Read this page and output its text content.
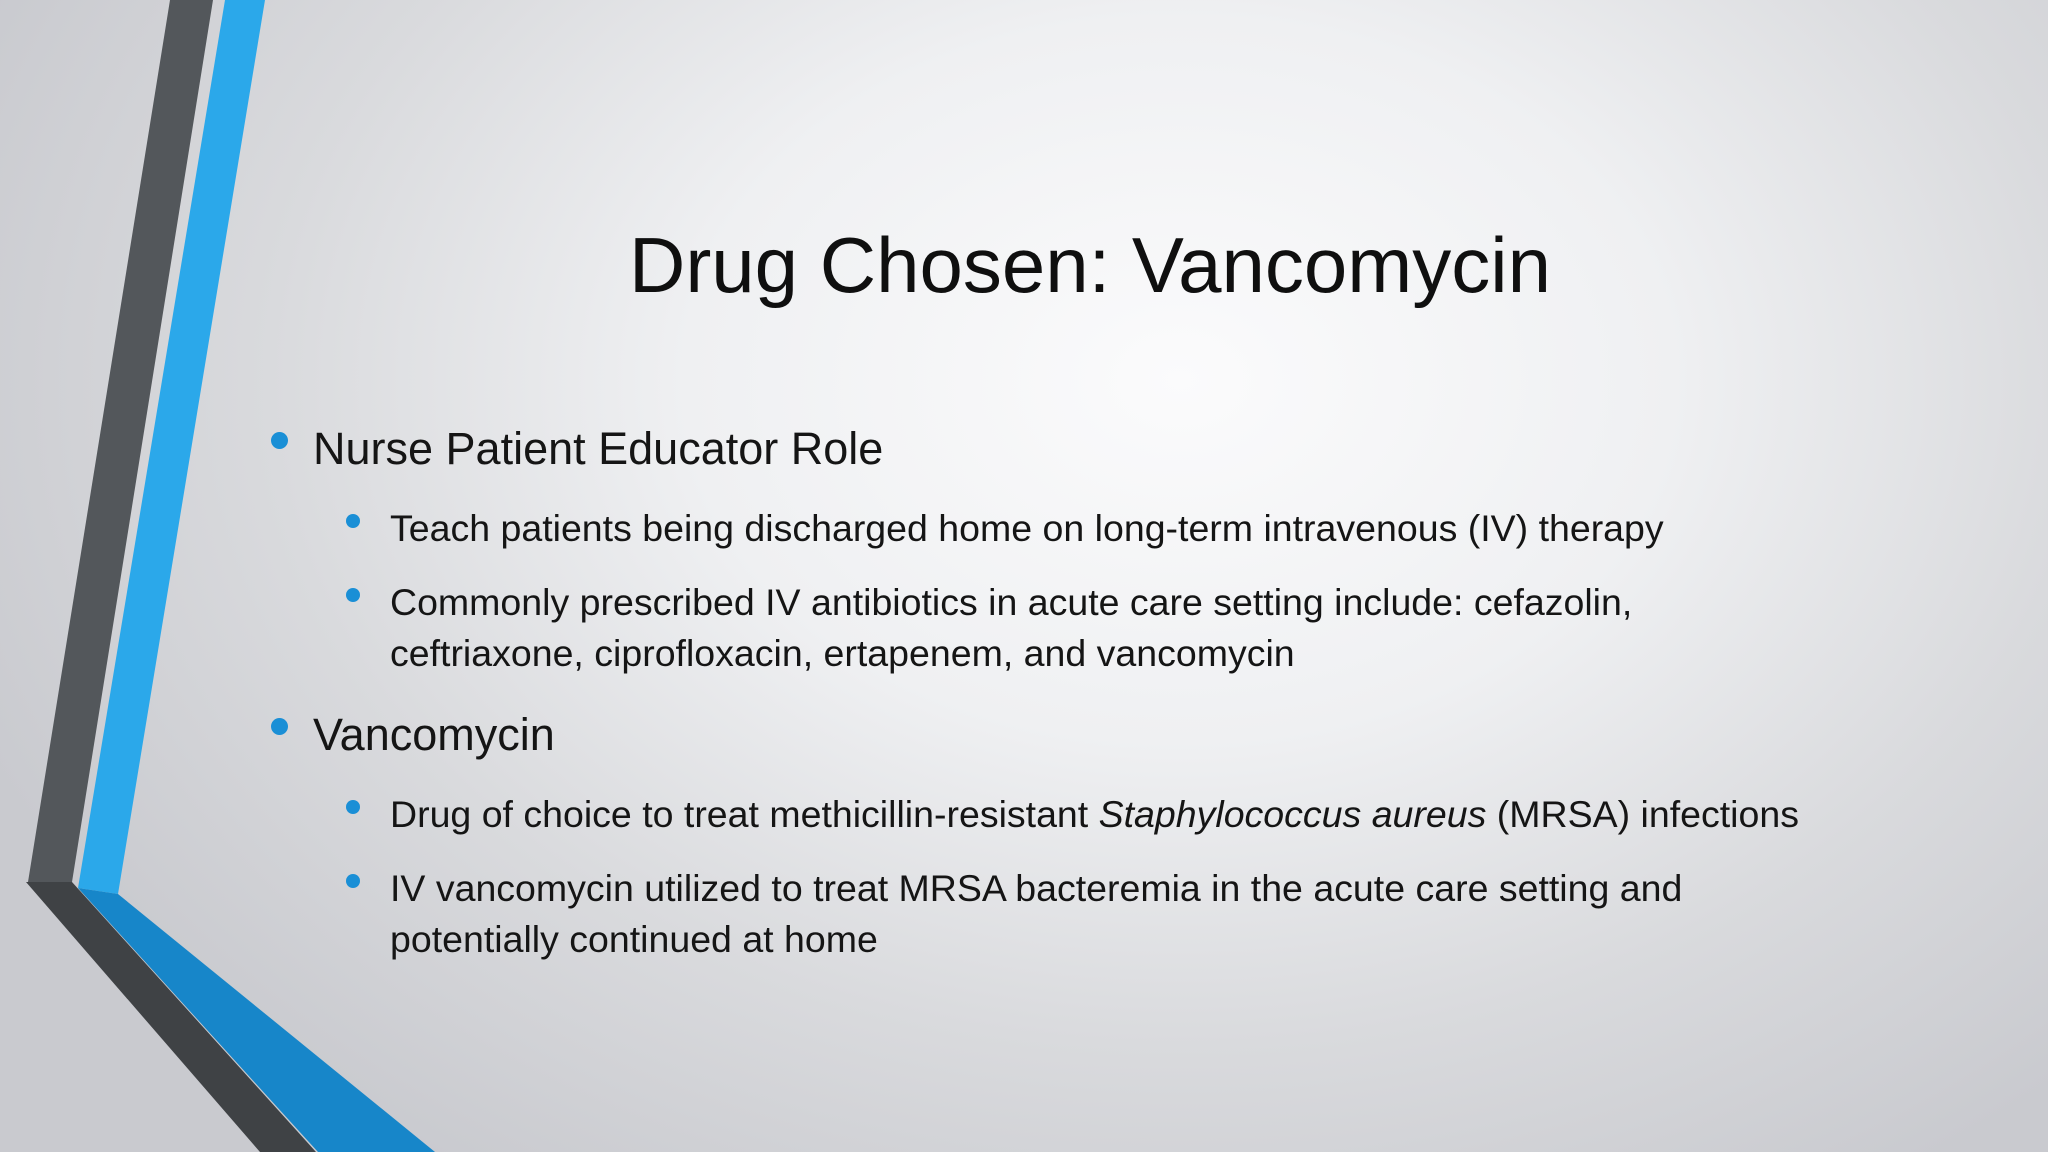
Drug Chosen: Vancomycin
Nurse Patient Educator Role
Teach patients being discharged home on long-term intravenous (IV) therapy
Commonly prescribed IV antibiotics in acute care setting include: cefazolin,
ceftriaxone, ciprofloxacin, ertapenem, and vancomycin
Vancomycin
Drug of choice to treat methicillin-resistant Staphylococcus aureus (MRSA) infections
IV vancomycin utilized to treat MRSA bacteremia in the acute care setting and
potentially continued at home
